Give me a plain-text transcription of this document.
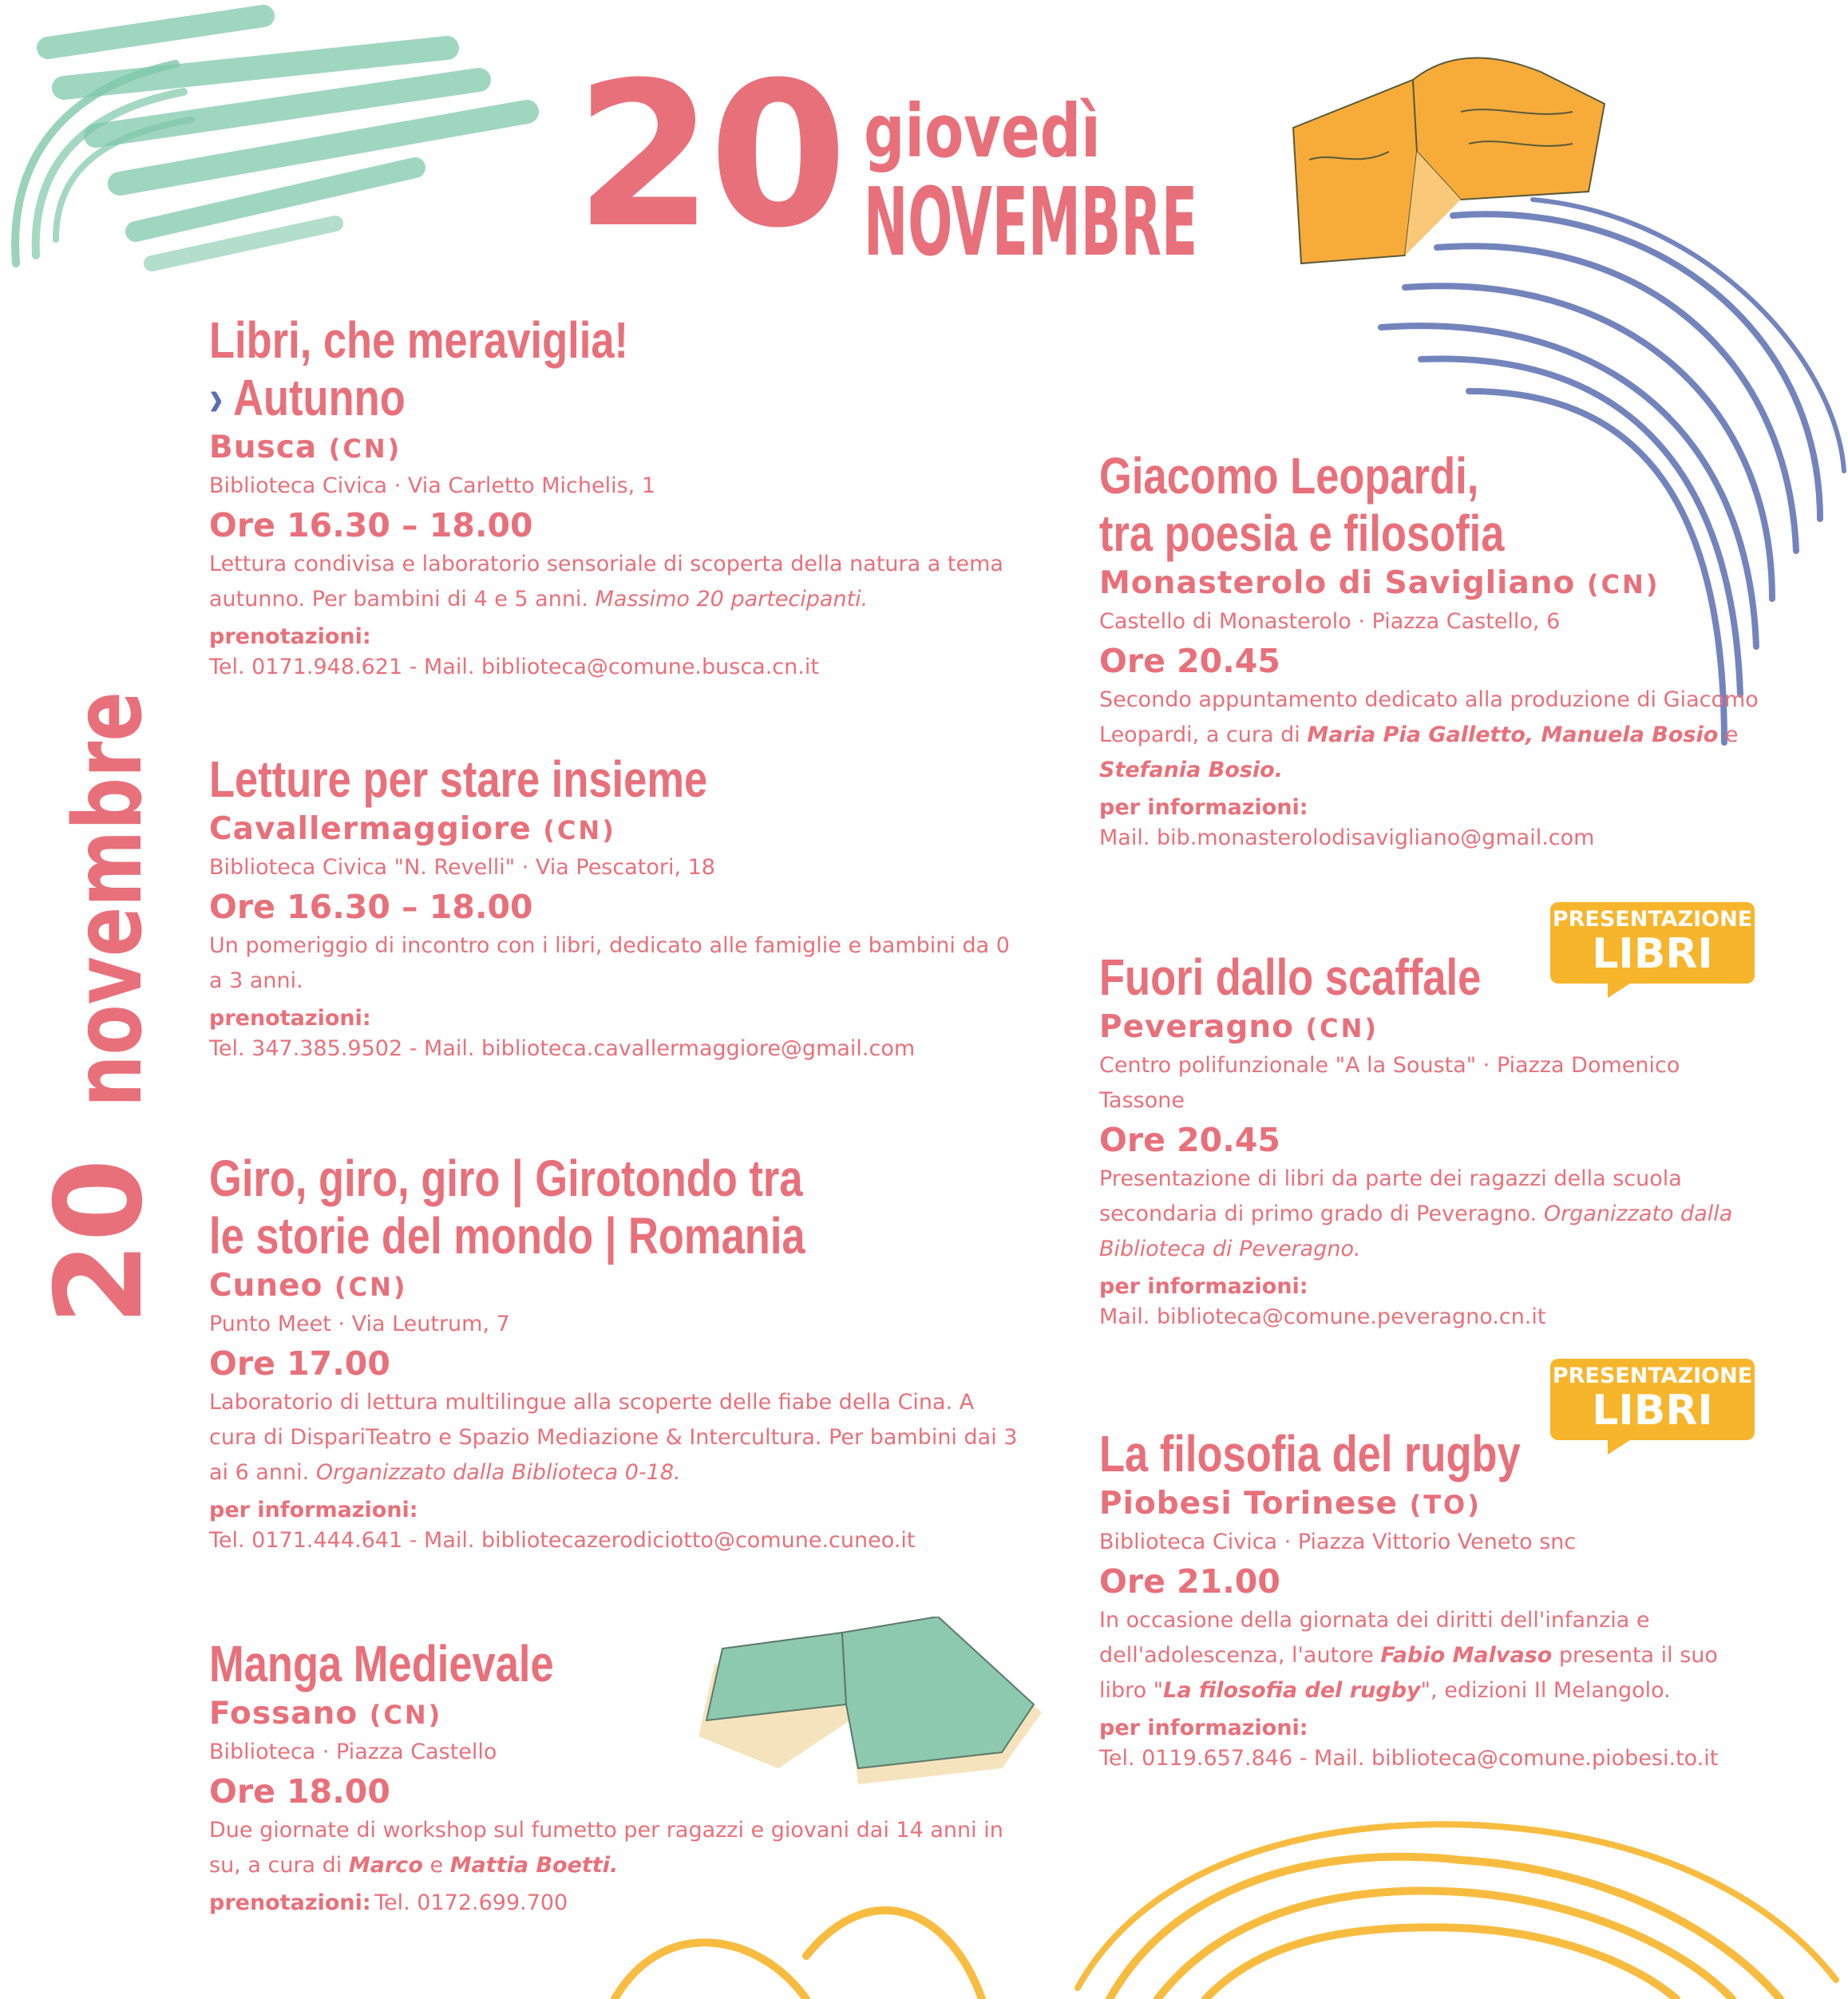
20 giovedì
NOVEMBRE
20 novembre
Libri, che meraviglia!
› Autunno
Busca (CN)
Biblioteca Civica · Via Carletto Michelis, 1
Ore 16.30 – 18.00
Lettura condivisa e laboratorio sensoriale di scoperta della natura a tema autunno. Per bambini di 4 e 5 anni. Massimo 20 partecipanti.
prenotazioni:
Tel. 0171.948.621 - Mail. biblioteca@comune.busca.cn.it
Letture per stare insieme
Cavallermaggiore (CN)
Biblioteca Civica "N. Revelli" · Via Pescatori, 18
Ore 16.30 – 18.00
Un pomeriggio di incontro con i libri, dedicato alle famiglie e bambini da 0 a 3 anni.
prenotazioni:
Tel. 347.385.9502 - Mail. biblioteca.cavallermaggiore@gmail.com
Giro, giro, giro | Girotondo tra
le storie del mondo | Romania
Cuneo (CN)
Punto Meet · Via Leutrum, 7
Ore 17.00
Laboratorio di lettura multilingue alla scoperte delle fiabe della Cina. A cura di DispariTeatro e Spazio Mediazione & Intercultura. Per bambini dai 3 ai 6 anni. Organizzato dalla Biblioteca 0-18.
per informazioni:
Tel. 0171.444.641 - Mail. bibliotecazerodiciotto@comune.cuneo.it
Manga Medievale
Fossano (CN)
Biblioteca · Piazza Castello
Ore 18.00
Due giornate di workshop sul fumetto per ragazzi e giovani dai 14 anni in su, a cura di Marco e Mattia Boetti.
prenotazioni: Tel. 0172.699.700
Giacomo Leopardi,
tra poesia e filosofia
Monasterolo di Savigliano (CN)
Castello di Monasterolo · Piazza Castello, 6
Ore 20.45
Secondo appuntamento dedicato alla produzione di Giacomo Leopardi, a cura di Maria Pia Galletto, Manuela Bosio e Stefania Bosio.
per informazioni:
Mail. bib.monasterolodisavigliano@gmail.com
PRESENTAZIONE
LIBRI
Fuori dallo scaffale
Peveragno (CN)
Centro polifunzionale "A la Sousta" · Piazza Domenico
Tassone
Ore 20.45
Presentazione di libri da parte dei ragazzi della scuola secondaria di primo grado di Peveragno. Organizzato dalla Biblioteca di Peveragno.
per informazioni:
Mail. biblioteca@comune.peveragno.cn.it
PRESENTAZIONE
LIBRI
La filosofia del rugby
Piobesi Torinese (TO)
Biblioteca Civica · Piazza Vittorio Veneto snc
Ore 21.00
In occasione della giornata dei diritti dell'infanzia e dell'adolescenza, l'autore Fabio Malvaso presenta il suo libro "La filosofia del rugby", edizioni Il Melangolo.
per informazioni:
Tel. 0119.657.846 - Mail. biblioteca@comune.piobesi.to.it
